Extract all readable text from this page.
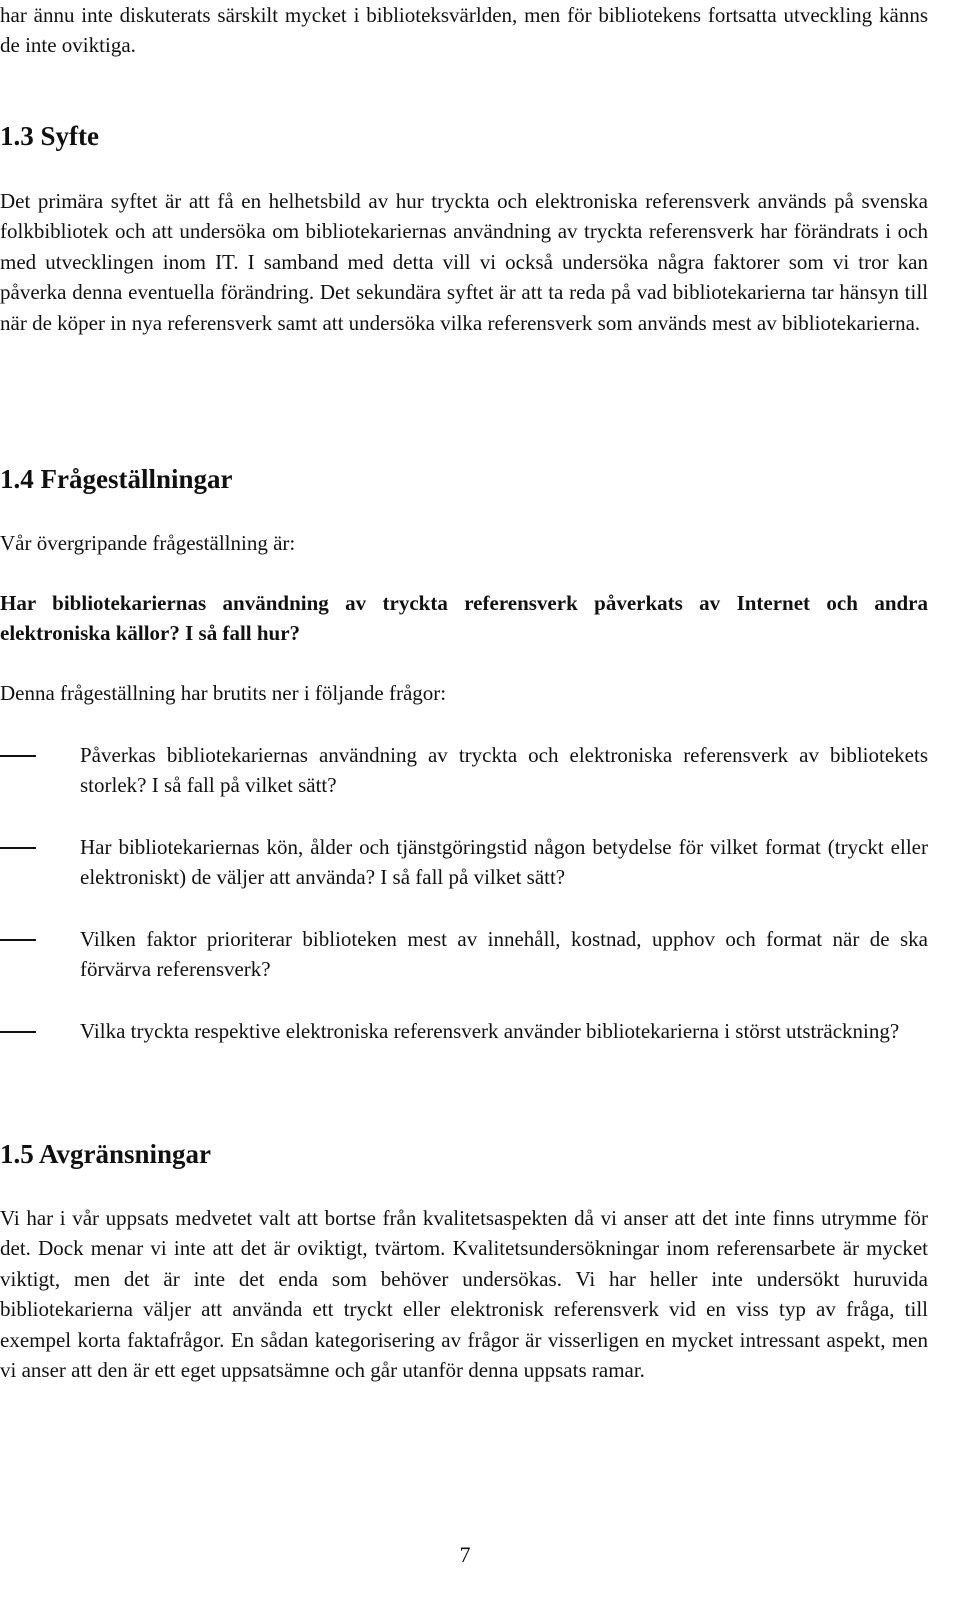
har ännu inte diskuterats särskilt mycket i biblioteksvärlden, men för bibliotekens fortsatta utveckling känns de inte oviktiga.

1.3 Syfte

Det primära syftet är att få en helhetsbild av hur tryckta och elektroniska referensverk används på svenska folkbibliotek och att undersöka om bibliotekariernas användning av tryckta referensverk har förändrats i och med utvecklingen inom IT. I samband med detta vill vi också undersöka några faktorer som vi tror kan påverka denna eventuella förändring. Det sekundära syftet är att ta reda på vad bibliotekarierna tar hänsyn till när de köper in nya referensverk samt att undersöka vilka referensverk som används mest av bibliotekarierna.

1.4 Frågeställningar

Vår övergripande frågeställning är:

Har bibliotekariernas användning av tryckta referensverk påverkats av Internet och andra elektroniska källor? I så fall hur?

Denna frågeställning har brutits ner i följande frågor:

Påverkas bibliotekariernas användning av tryckta och elektroniska referensverk av bibliotekets storlek? I så fall på vilket sätt?

Har bibliotekariernas kön, ålder och tjänstgöringstid någon betydelse för vilket format (tryckt eller elektroniskt) de väljer att använda? I så fall på vilket sätt?

Vilken faktor prioriterar biblioteken mest av innehåll, kostnad, upphov och format när de ska förvärva referensverk?

Vilka tryckta respektive elektroniska referensverk använder bibliotekarierna i störst utsträckning?

1.5 Avgränsningar

Vi har i vår uppsats medvetet valt att bortse från kvalitetsaspekten då vi anser att det inte finns utrymme för det. Dock menar vi inte att det är oviktigt, tvärtom. Kvalitetsundersökningar inom referensarbete är mycket viktigt, men det är inte det enda som behöver undersökas. Vi har heller inte undersökt huruvida bibliotekarierna väljer att använda ett tryckt eller elektronisk referensverk vid en viss typ av fråga, till exempel korta faktafrågor. En sådan kategorisering av frågor är visserligen en mycket intressant aspekt, men vi anser att den är ett eget uppsatsämne och går utanför denna uppsats ramar.

7
